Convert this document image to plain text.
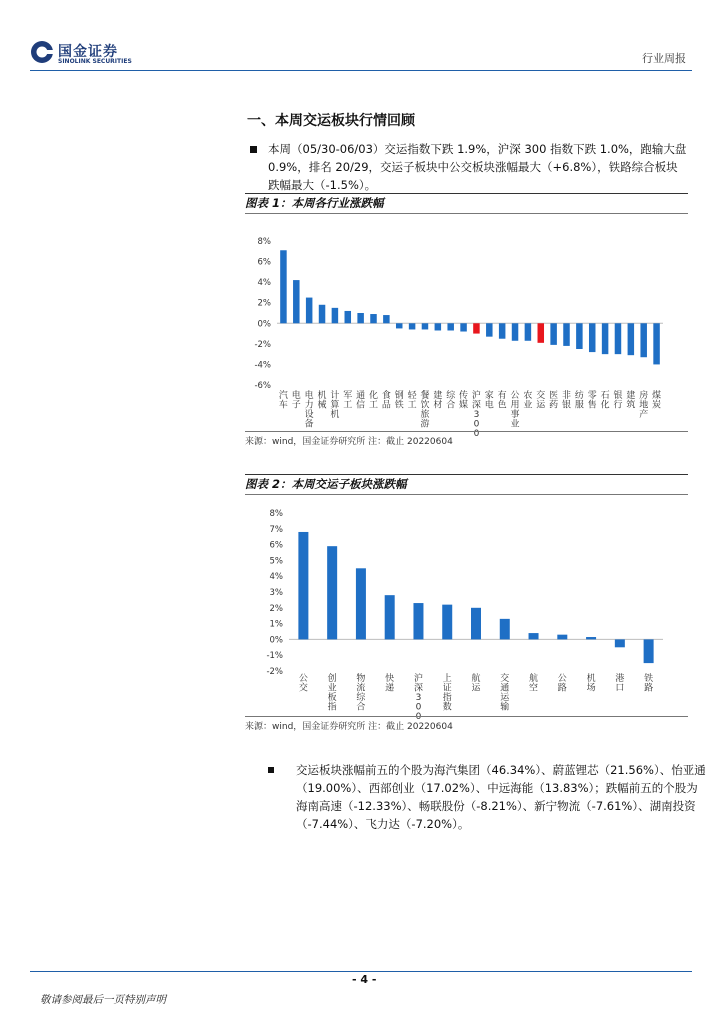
国金证券
SINOLINK SECURITIES	行业周报
一、本周交运板块行情回顾

本周（05/30-06/03）交运指数下跌 1.9%，沪深 300 指数下跌 1.0%，跑输大盘 0.9%，排名 20/29，交运子板块中公交板块涨幅最大（+6.8%），铁路综合板块跌幅最大（-1.5%）。

图表 1：本周各行业涨跌幅
8%
6%
4%
2%
0%
-2%
-4%
-6%
汽车
电子
电力设备
机械
计算机
军工
通信
化工
食品
钢铁
轻工
餐饮旅游
建材
综合
传媒
沪深 3 0 0
家电
有色
公用事业
农业
交运
医药
非银
纺服
零售
石化
银行
建筑
房地产
煤炭
来源：wind，国金证券研究所 注：截止 20220604
图表 2：本周交运子板块涨跌幅
8%
7%
6%
5%
4%
3%
2%
1%
0%
-1%
-2%
公交
创业板指
物流综合
快递
沪深 3 0 0
上证指数
航运
交通运输
航空
公路
机场
港口
铁路
来源：wind，国金证券研究所 注：截止 20220604

交运板块涨幅前五的个股为海汽集团（46.34%）、蔚蓝锂芯（21.56%）、怡亚通（19.00%）、西部创业（17.02%）、中远海能（13.83%）；跌幅前五的个股为海南高速（-12.33%）、畅联股份（-8.21%）、新宁物流（-7.61%）、湖南投资（-7.44%）、飞力达（-7.20%）。

- 4 -
敬请参阅最后一页特别声明
